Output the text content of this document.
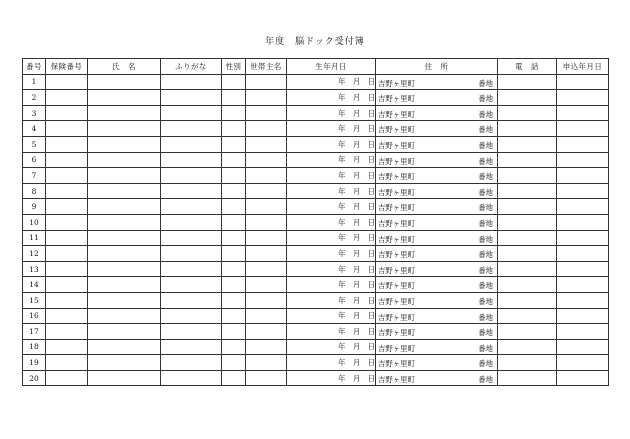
年度　脳ドック受付簿
番号	保険番号	氏　名	ふりがな	性別	世帯主名	生年月日	住　所	電　話	申込年月日
1						年　月　日	吉野ヶ里町 番地		

2						年　月　日	吉野ヶ里町 番地		

3						年　月　日	吉野ヶ里町 番地		

4						年　月　日	吉野ヶ里町 番地		

5						年　月　日	吉野ヶ里町 番地		

6						年　月　日	吉野ヶ里町 番地		

7						年　月　日	吉野ヶ里町 番地		

8						年　月　日	吉野ヶ里町 番地		

9						年　月　日	吉野ヶ里町 番地		

10						年　月　日	吉野ヶ里町 番地		

11						年　月　日	吉野ヶ里町 番地		

12						年　月　日	吉野ヶ里町 番地		

13						年　月　日	吉野ヶ里町 番地		

14						年　月　日	吉野ヶ里町 番地		

15						年　月　日	吉野ヶ里町 番地		

16						年　月　日	吉野ヶ里町 番地		

17						年　月　日	吉野ヶ里町 番地		

18						年　月　日	吉野ヶ里町 番地		

19						年　月　日	吉野ヶ里町 番地		

20						年　月　日	吉野ヶ里町 番地		
